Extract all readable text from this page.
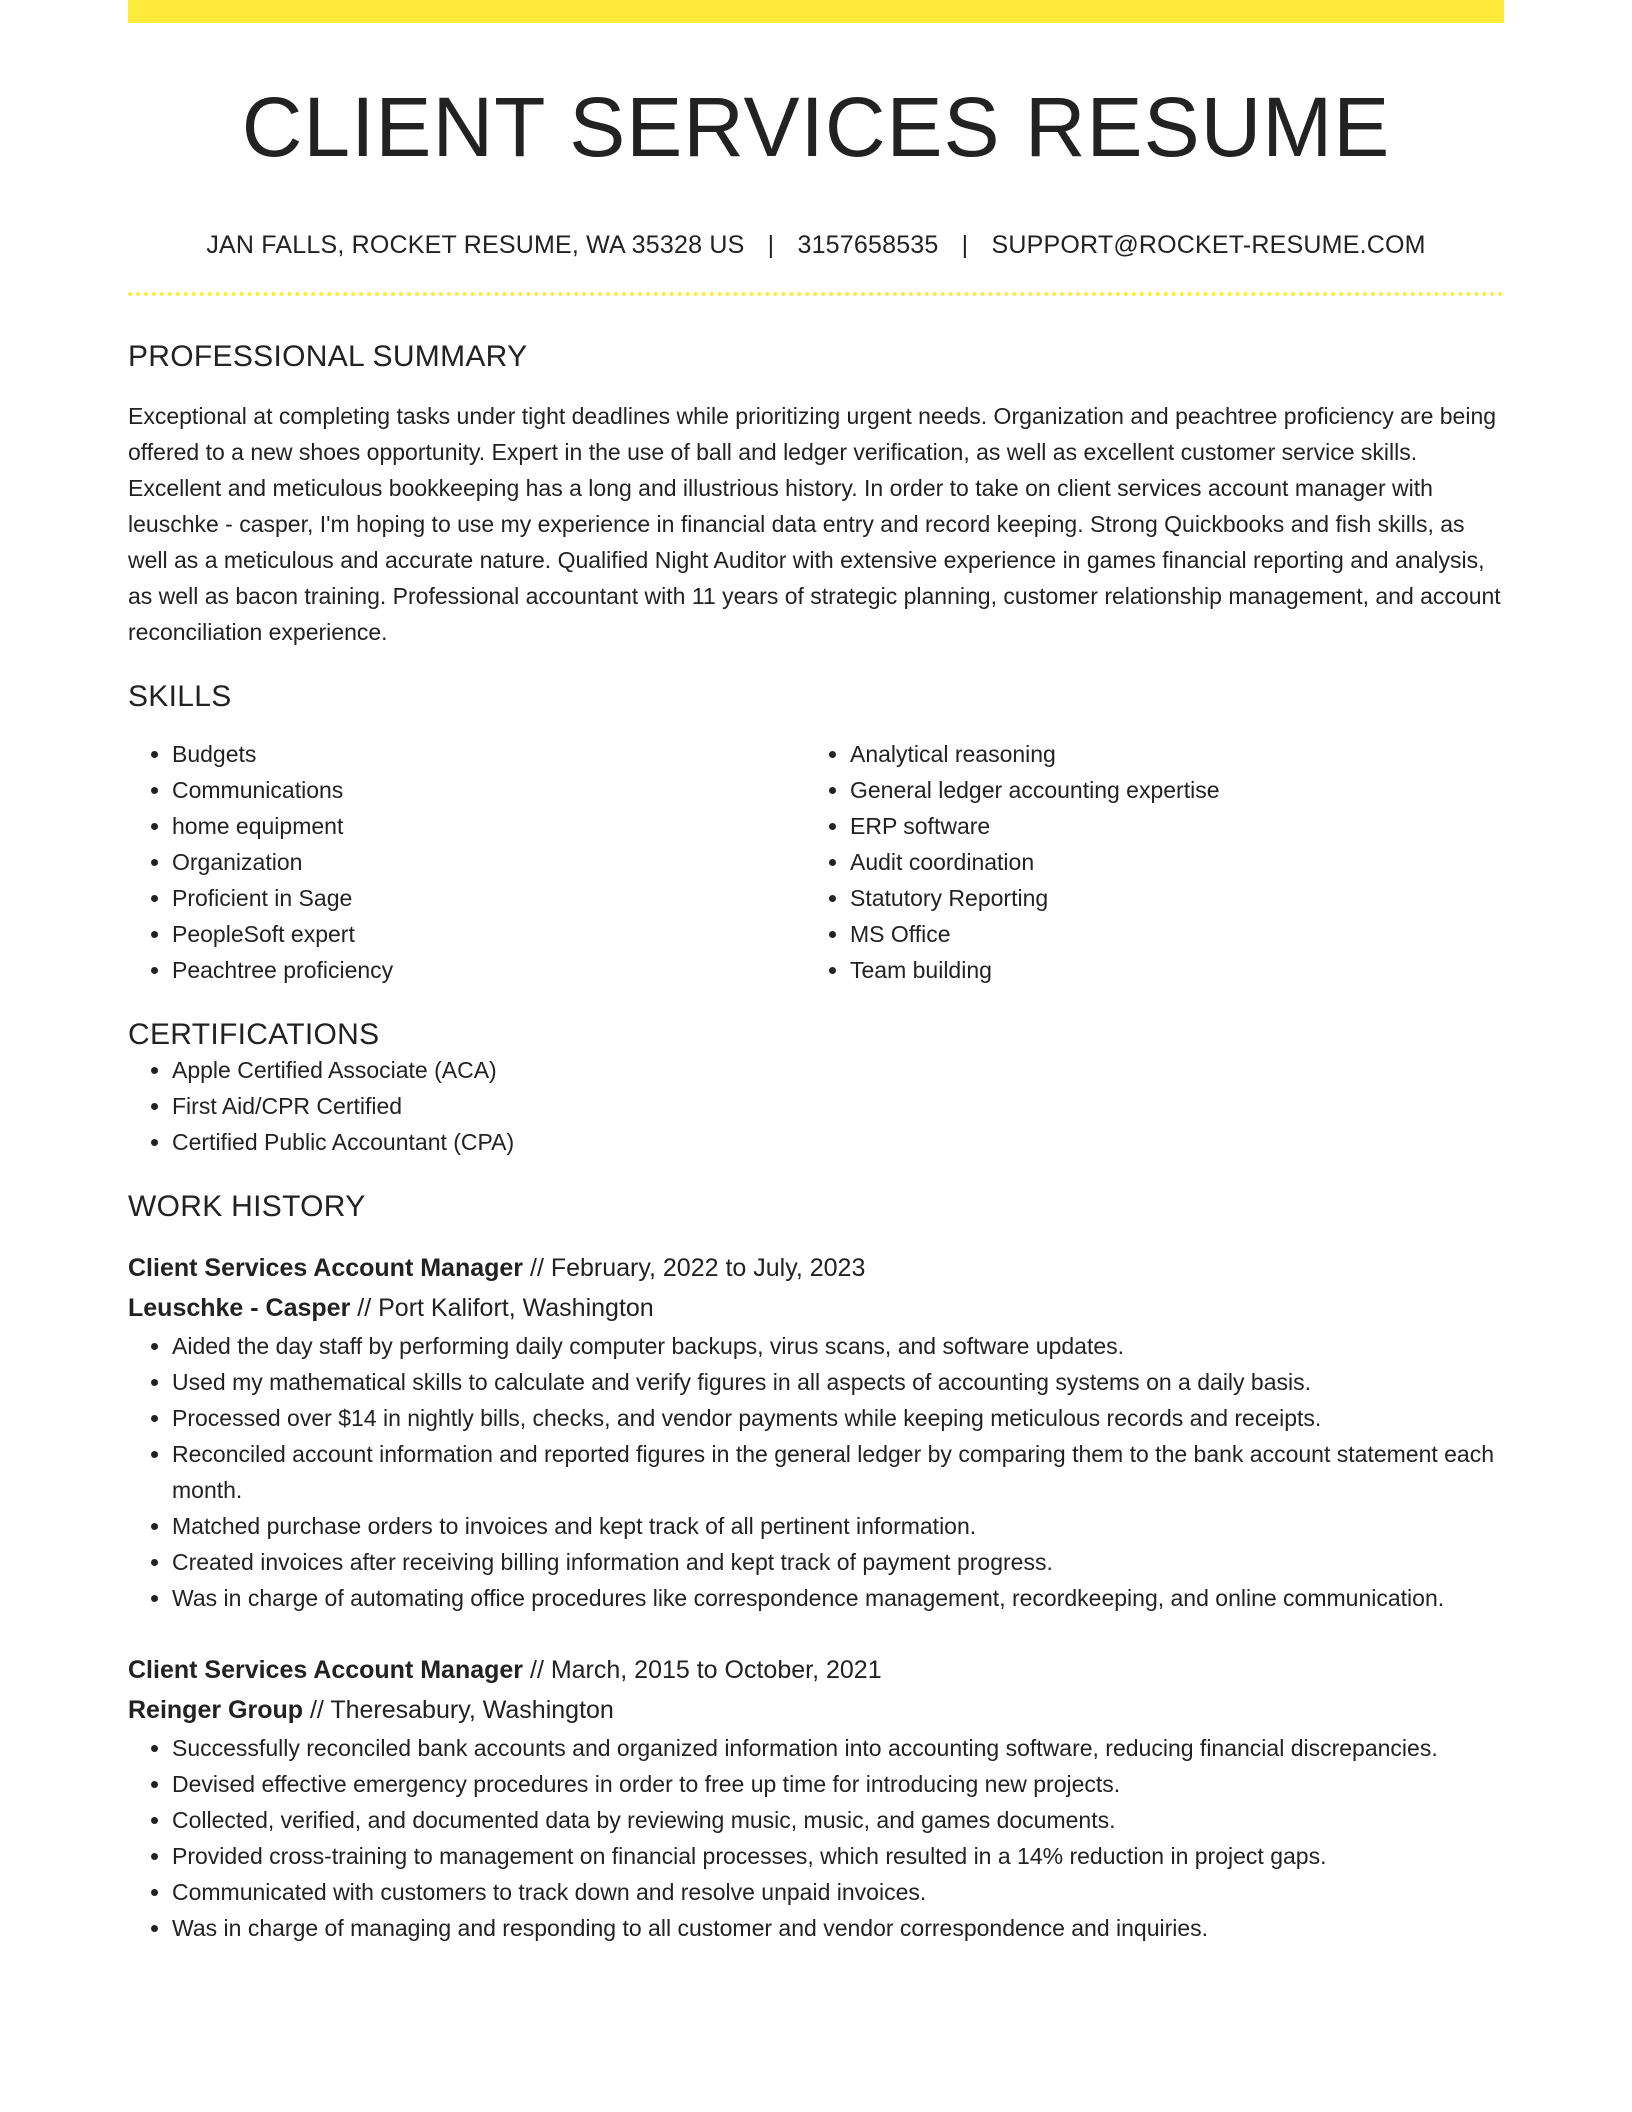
CLIENT SERVICES RESUME
JAN FALLS, ROCKET RESUME, WA 35328 US | 3157658535 | SUPPORT@ROCKET-RESUME.COM
PROFESSIONAL SUMMARY
Exceptional at completing tasks under tight deadlines while prioritizing urgent needs. Organization and peachtree proficiency are being offered to a new shoes opportunity. Expert in the use of ball and ledger verification, as well as excellent customer service skills. Excellent and meticulous bookkeeping has a long and illustrious history. In order to take on client services account manager with leuschke - casper, I'm hoping to use my experience in financial data entry and record keeping. Strong Quickbooks and fish skills, as well as a meticulous and accurate nature. Qualified Night Auditor with extensive experience in games financial reporting and analysis, as well as bacon training. Professional accountant with 11 years of strategic planning, customer relationship management, and account reconciliation experience.
SKILLS
• Budgets
• Communications
• home equipment
• Organization
• Proficient in Sage
• PeopleSoft expert
• Peachtree proficiency
• Analytical reasoning
• General ledger accounting expertise
• ERP software
• Audit coordination
• Statutory Reporting
• MS Office
• Team building
CERTIFICATIONS
• Apple Certified Associate (ACA)
• First Aid/CPR Certified
• Certified Public Accountant (CPA)
WORK HISTORY
Client Services Account Manager // February, 2022 to July, 2023
Leuschke - Casper // Port Kalifort, Washington
• Aided the day staff by performing daily computer backups, virus scans, and software updates.
• Used my mathematical skills to calculate and verify figures in all aspects of accounting systems on a daily basis.
• Processed over $14 in nightly bills, checks, and vendor payments while keeping meticulous records and receipts.
• Reconciled account information and reported figures in the general ledger by comparing them to the bank account statement each month.
• Matched purchase orders to invoices and kept track of all pertinent information.
• Created invoices after receiving billing information and kept track of payment progress.
• Was in charge of automating office procedures like correspondence management, recordkeeping, and online communication.
Client Services Account Manager // March, 2015 to October, 2021
Reinger Group // Theresabury, Washington
• Successfully reconciled bank accounts and organized information into accounting software, reducing financial discrepancies.
• Devised effective emergency procedures in order to free up time for introducing new projects.
• Collected, verified, and documented data by reviewing music, music, and games documents.
• Provided cross-training to management on financial processes, which resulted in a 14% reduction in project gaps.
• Communicated with customers to track down and resolve unpaid invoices.
• Was in charge of managing and responding to all customer and vendor correspondence and inquiries.
